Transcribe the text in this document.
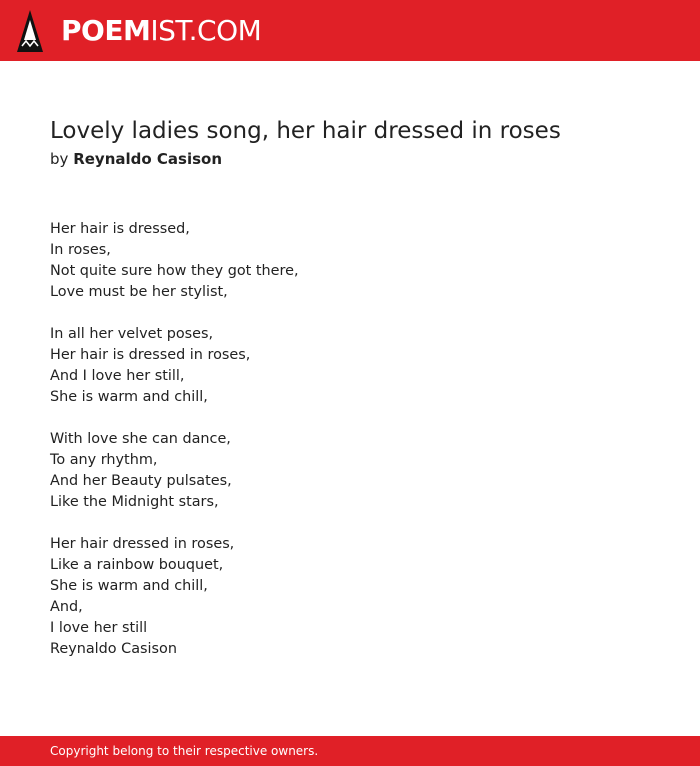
POEMIST.COM
Lovely ladies song, her hair dressed in roses
by Reynaldo Casison
Her hair is dressed,
In roses,
Not quite sure how they got there,
Love must be her stylist,
In all her velvet poses,
Her hair is dressed in roses,
And I love her still,
She is warm and chill,
With love she can dance,
To any rhythm,
And her Beauty pulsates,
Like the Midnight stars,
Her hair dressed in roses,
Like a rainbow bouquet,
She is warm and chill,
And,
I love her still
Reynaldo Casison
Copyright belong to their respective owners.
